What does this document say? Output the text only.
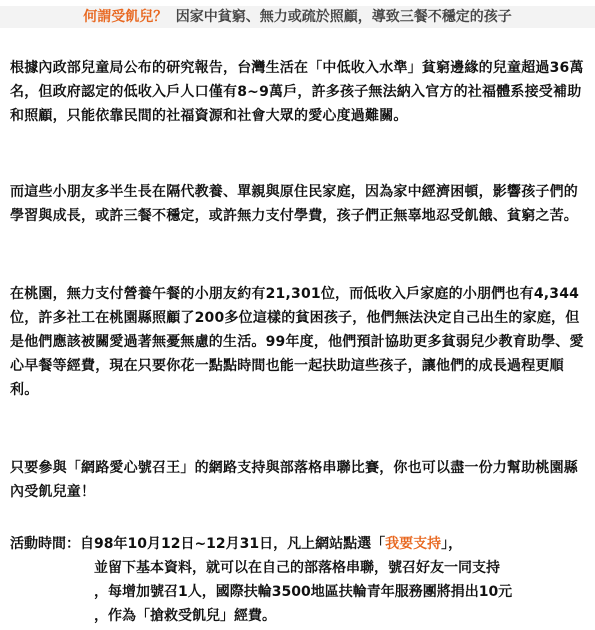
何謂受飢兒？ 因家中貧窮、無力或疏於照顧，導致三餐不穩定的孩子
根據內政部兒童局公布的研究報告，台灣生活在「中低收入水準」貧窮邊緣的兒童超過36萬名，但政府認定的低收入戶人口僅有8~9萬戶，許多孩子無法納入官方的社福體系接受補助和照顧，只能依靠民間的社福資源和社會大眾的愛心度過難關。
而這些小朋友多半生長在隔代教養、單親與原住民家庭，因為家中經濟困頓，影響孩子們的學習與成長，或許三餐不穩定，或許無力支付學費，孩子們正無辜地忍受飢餓、貧窮之苦。
在桃園，無力支付營養午餐的小朋友約有21,301位，而低收入戶家庭的小朋們也有4,344位，許多社工在桃園縣照顧了200多位這樣的貧困孩子，他們無法決定自己出生的家庭，但是他們應該被關愛過著無憂無慮的生活。99年度，他們預計協助更多貧弱兒少教育助學、愛心早餐等經費，現在只要你花一點點時間也能一起扶助這些孩子，讓他們的成長過程更順利。
只要參與「網路愛心號召王」的網路支持與部落格串聯比賽，你也可以盡一份力幫助桃園縣內受飢兒童！
活動時間：自98年10月12日~12月31日，凡上網站點選「我要支持」，
並留下基本資料，就可以在自己的部落格串聯，號召好友一同支持
，每增加號召1人，國際扶輪3500地區扶輪青年服務團將捐出10元
，作為「搶救受飢兒」經費。
